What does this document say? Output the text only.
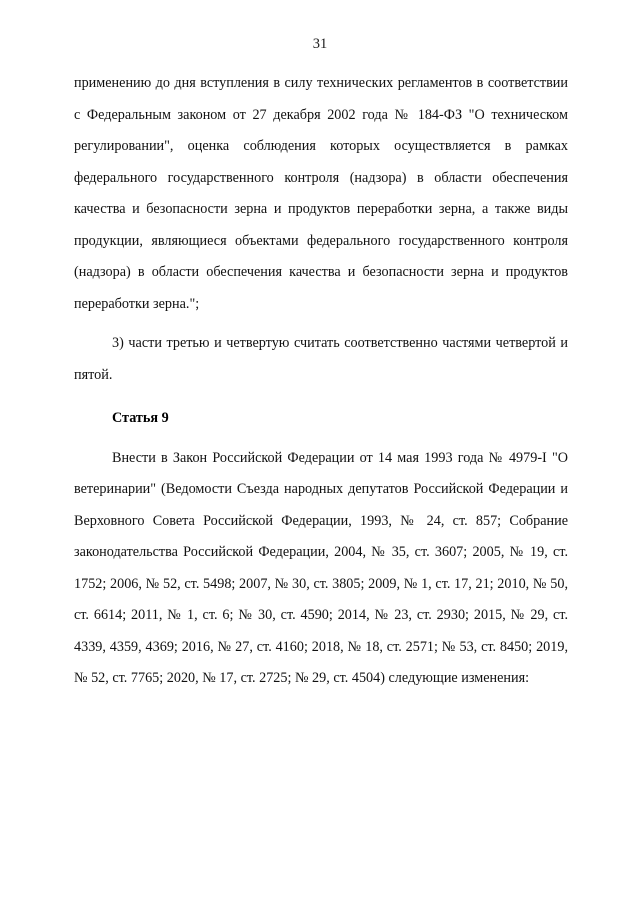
31

применению до дня вступления в силу технических регламентов в соответствии с Федеральным законом от 27 декабря 2002 года № 184-ФЗ "О техническом регулировании", оценка соблюдения которых осуществляется в рамках федерального государственного контроля (надзора) в области обеспечения качества и безопасности зерна и продуктов переработки зерна, а также виды продукции, являющиеся объектами федерального государственного контроля (надзора) в области обеспечения качества и безопасности зерна и продуктов переработки зерна.";

3) части третью и четвертую считать соответственно частями четвертой и пятой.

Статья 9

Внести в Закон Российской Федерации от 14 мая 1993 года № 4979-I "О ветеринарии" (Ведомости Съезда народных депутатов Российской Федерации и Верховного Совета Российской Федерации, 1993, № 24, ст. 857; Собрание законодательства Российской Федерации, 2004, № 35, ст. 3607; 2005, № 19, ст. 1752; 2006, № 52, ст. 5498; 2007, № 30, ст. 3805; 2009, № 1, ст. 17, 21; 2010, № 50, ст. 6614; 2011, № 1, ст. 6; № 30, ст. 4590; 2014, № 23, ст. 2930; 2015, № 29, ст. 4339, 4359, 4369; 2016, № 27, ст. 4160; 2018, № 18, ст. 2571; № 53, ст. 8450; 2019, № 52, ст. 7765; 2020, № 17, ст. 2725; № 29, ст. 4504) следующие изменения:
